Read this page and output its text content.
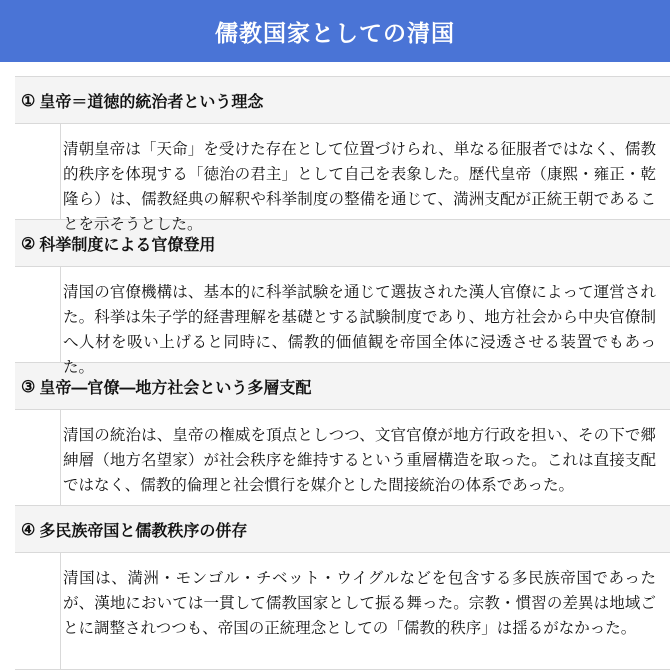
儒教国家としての清国
① 皇帝＝道徳的統治者という理念

清朝皇帝は「天命」を受けた存在として位置づけられ、単なる征服者ではなく、儒教的秩序を体現する「徳治の君主」として自己を表象した。歴代皇帝（康熙・雍正・乾隆ら）は、儒教経典の解釈や科挙制度の整備を通じて、満洲支配が正統王朝であることを示そうとした。

② 科挙制度による官僚登用

清国の官僚機構は、基本的に科挙試験を通じて選抜された漢人官僚によって運営された。科挙は朱子学的経書理解を基礎とする試験制度であり、地方社会から中央官僚制へ人材を吸い上げると同時に、儒教的価値観を帝国全体に浸透させる装置でもあった。

③ 皇帝―官僚―地方社会という多層支配

清国の統治は、皇帝の権威を頂点としつつ、文官官僚が地方行政を担い、その下で郷紳層（地方名望家）が社会秩序を維持するという重層構造を取った。これは直接支配ではなく、儒教的倫理と社会慣行を媒介とした間接統治の体系であった。

④ 多民族帝国と儒教秩序の併存

清国は、満洲・モンゴル・チベット・ウイグルなどを包含する多民族帝国であったが、漢地においては一貫して儒教国家として振る舞った。宗教・慣習の差異は地域ごとに調整されつつも、帝国の正統理念としての「儒教的秩序」は揺るがなかった。
